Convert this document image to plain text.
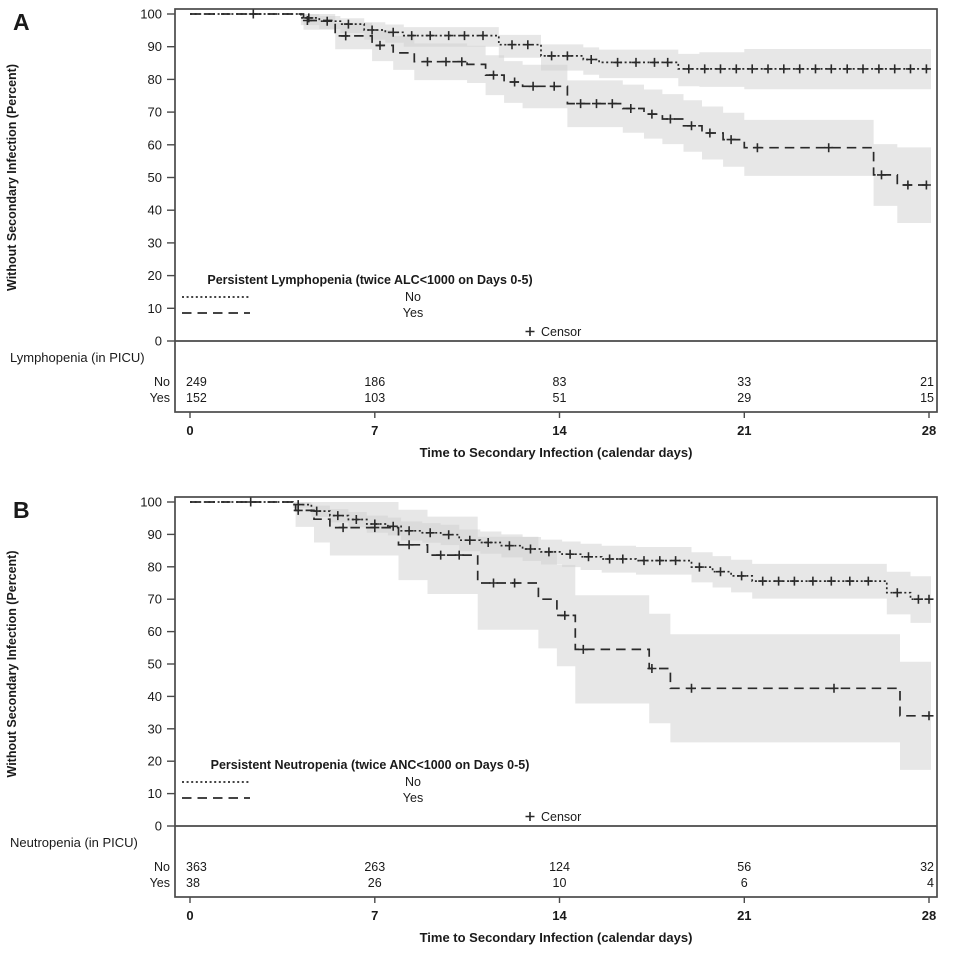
0
10
20
30
40
50
60
70
80
90
100
0	7	14	21	28
Persistent Lymphopenia (twice ALC<1000 on Days 0-5)
No
Yes
Censor
Lymphopenia (in PICU)
No 249	186	83	33	21
Yes 152	103	51	29	15
Time to Secondary Infection (calendar days)
Without Secondary Infection (Percent)
A
0
10
20
30
40
50
60
70
80
90
100
0	7	14	21	28
Persistent Neutropenia (twice ANC<1000 on Days 0-5)
No
Yes
Censor
Neutropenia (in PICU)
No 363	263	124	56	32
Yes 38	26	10	6	4
Time to Secondary Infection (calendar days)
Without Secondary Infection (Percent)
B
